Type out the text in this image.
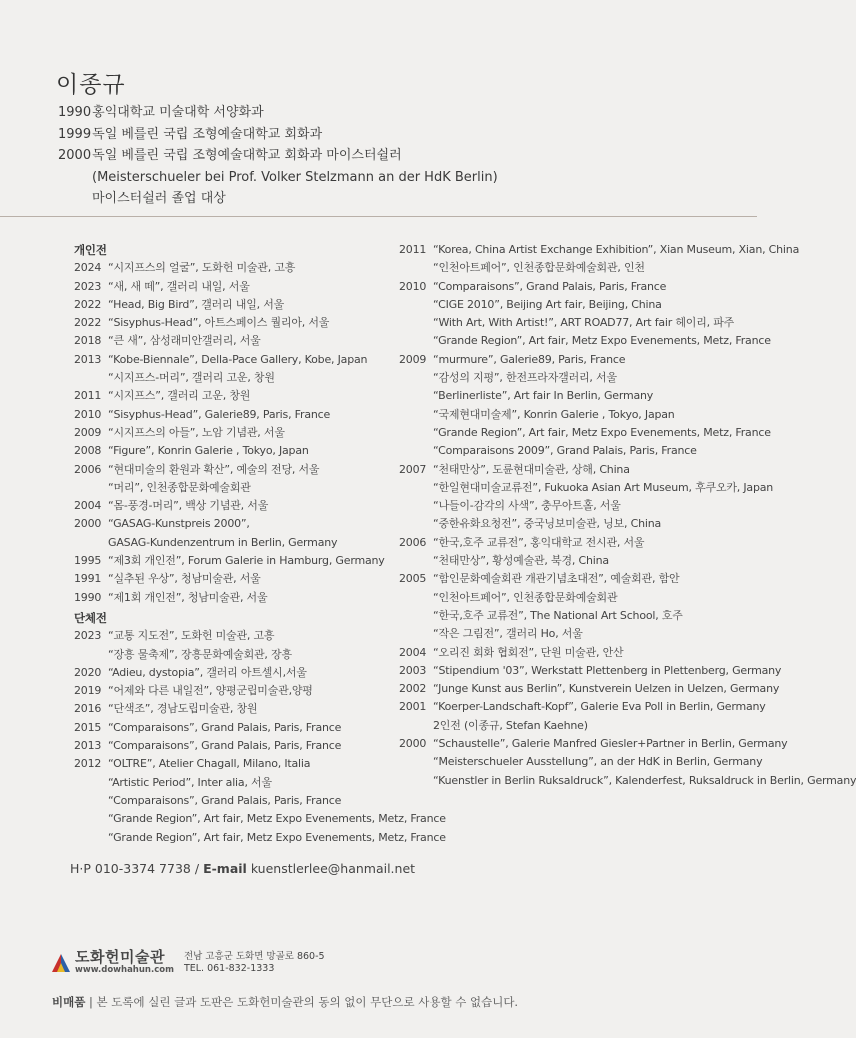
이종규
1990 홍익대학교 미술대학 서양화과
1999 독일 베를린 국립 조형예술대학교 회화과
2000 독일 베를린 국립 조형예술대학교 회화과 마이스터쉴러
(Meisterschueler bei Prof. Volker Stelzmann an der HdK Berlin)
마이스터쉴러 졸업 대상
개인전
2024 “시지프스의 얼굴”, 도화헌 미술관, 고흥
2023 “새, 새 떼”, 갤러리 내일, 서울
2022 “Head, Big Bird”, 갤러리 내일, 서울
2022 “Sisyphus-Head”, 아트스페이스 퀄리아, 서울
2018 “큰 새”, 삼성래미안갤러리, 서울
2013 “Kobe-Biennale”, Della-Pace Gallery, Kobe, Japan
“시지프스-머리”, 갤러리 고운, 창원
2011 “시지프스”, 갤러리 고운, 창원
2010 “Sisyphus-Head”, Galerie89, Paris, France
2009 “시지프스의 아들”, 노암 기념관, 서울
2008 “Figure”, Konrin Galerie , Tokyo, Japan
2006 “현대미술의 환원과 확산”, 예술의 전당, 서울
“머리”, 인천종합문화예술회관
2004 “몸-풍경-머리”, 백상 기념관, 서울
2000 “GASAG-Kunstpreis 2000”,
GASAG-Kundenzentrum in Berlin, Germany
1995 “제3회 개인전”, Forum Galerie in Hamburg, Germany
1991 “실추된 우상”, 청남미술관, 서울
1990 “제1회 개인전”, 청남미술관, 서울
단체전
2023 “교통 지도전”, 도화헌 미술관, 고흥
“장흥 물축제”, 장흥문화예술회관, 장흥
2020 “Adieu, dystopia”, 갤러리 아트셀시,서울
2019 “어제와 다른 내일전”, 양평군립미술관,양평
2016 “단색조”, 경남도립미술관, 창원
2015 “Comparaisons”, Grand Palais, Paris, France
2013 “Comparaisons”, Grand Palais, Paris, France
2012 “OLTRE”, Atelier Chagall, Milano, Italia
“Artistic Period”, Inter alia, 서울
“Comparaisons”, Grand Palais, Paris, France
“Grande Region”, Art fair, Metz Expo Evenements, Metz, France
“Grande Region”, Art fair, Metz Expo Evenements, Metz, France
2011 “Korea, China Artist Exchange Exhibition”, Xian Museum, Xian, China
“인천아트페어”, 인천종합문화예술회관, 인천
2010 “Comparaisons”, Grand Palais, Paris, France
“CIGE 2010”, Beijing Art fair, Beijing, China
“With Art, With Artist!”, ART ROAD77, Art fair 헤이리, 파주
“Grande Region”, Art fair, Metz Expo Evenements, Metz, France
2009 “murmure”, Galerie89, Paris, France
“감성의 지평”, 한전프라자갤러리, 서울
“Berlinerliste”, Art fair In Berlin, Germany
“국제현대미술제”, Konrin Galerie , Tokyo, Japan
“Grande Region”, Art fair, Metz Expo Evenements, Metz, France
“Comparaisons 2009”, Grand Palais, Paris, France
2007 “천태만상”, 도륜현대미술관, 상해, China
“한일현대미술교류전”, Fukuoka Asian Art Museum, 후쿠오카, Japan
“나들이-감각의 사색”, 충무아트홀, 서울
“중한유화요청전”, 중국닝보미술관, 닝보, China
2006 “한국,호주 교류전”, 홍익대학교 전시관, 서울
“천태만상”, 황성예술관, 북경, China
2005 “함인문화예술회관 개관기념초대전”, 예술회관, 함안
“인천아트페어”, 인천종합문화예술회관
“한국,호주 교류전”, The National Art School, 호주
“작은 그림전”, 갤러리 Ho, 서울
2004 “오리진 회화 협회전”, 단원 미술관, 안산
2003 “Stipendium '03”, Werkstatt Plettenberg in Plettenberg, Germany
2002 “Junge Kunst aus Berlin”, Kunstverein Uelzen in Uelzen, Germany
2001 “Koerper-Landschaft-Kopf”, Galerie Eva Poll in Berlin, Germany
2인전 (이종규, Stefan Kaehne)
2000 “Schaustelle”, Galerie Manfred Giesler+Partner in Berlin, Germany
“Meisterschueler Ausstellung”, an der HdK in Berlin, Germany
“Kuenstler in Berlin Ruksaldruck”, Kalenderfest, Ruksaldruck in Berlin, Germany
H·P 010-3374 7738 / E-mail kuenstlerlee@hanmail.net
도화헌미술관
www.dowhahun.com
전남 고흥군 도화면 망골로 860-5
TEL. 061-832-1333
비매품 | 본 도록에 실린 글과 도판은 도화헌미술관의 동의 없이 무단으로 사용할 수 없습니다.
